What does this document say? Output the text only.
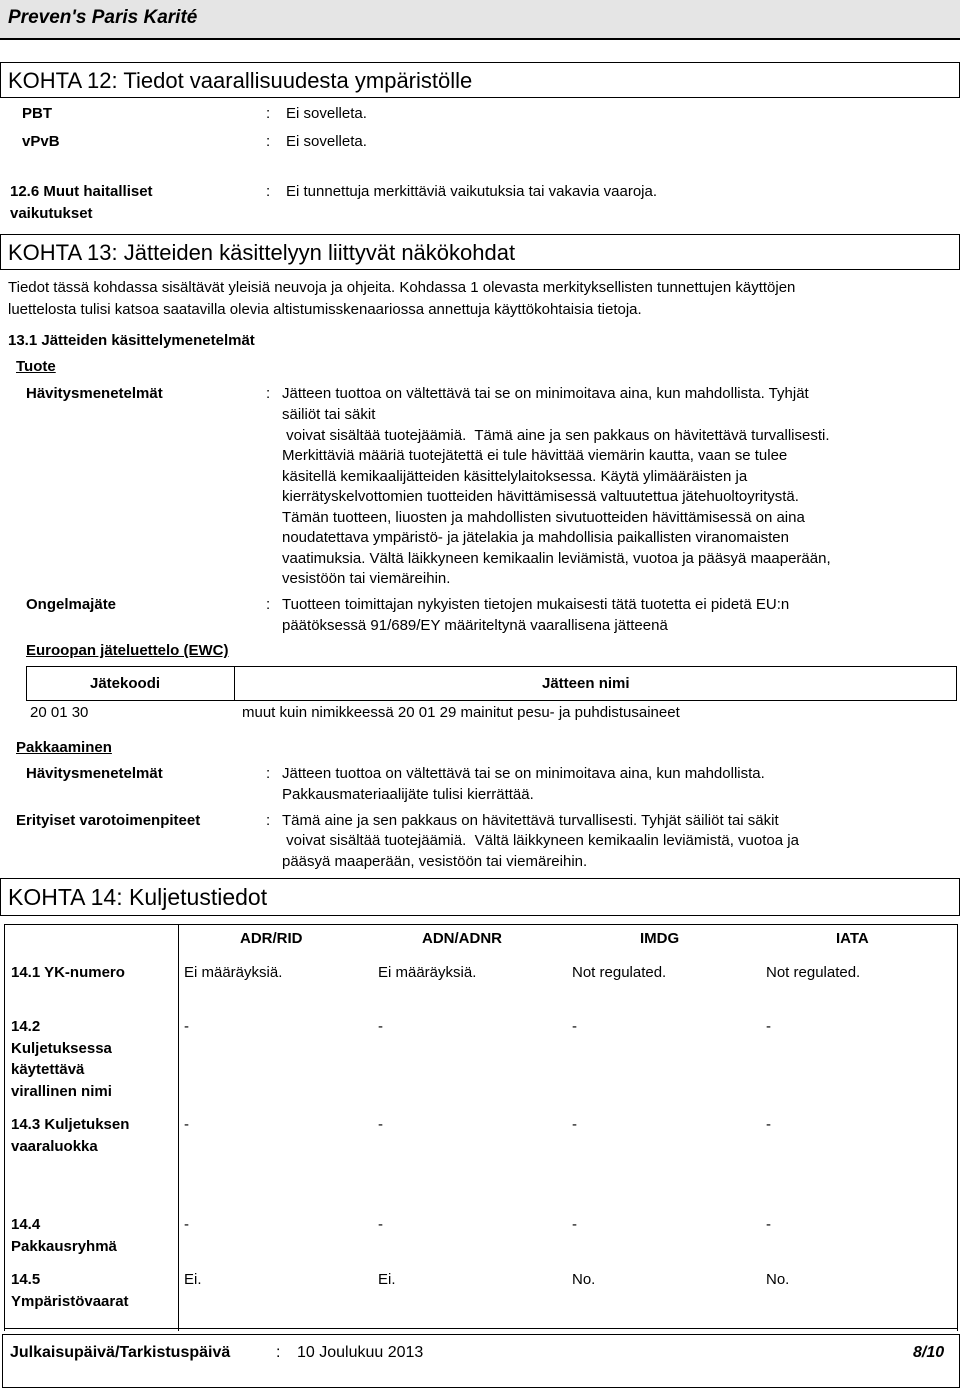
Preven's Paris Karité
KOHTA 12: Tiedot vaarallisuudesta ympäristölle
PBT	: Ei sovelleta.
vPvB	: Ei sovelleta.
12.6 Muut haitalliset
vaikutukset
: Ei tunnettuja merkittäviä vaikutuksia tai vakavia vaaroja.
KOHTA 13: Jätteiden käsittelyyn liittyvät näkökohdat
Tiedot tässä kohdassa sisältävät yleisiä neuvoja ja ohjeita. Kohdassa 1 olevasta merkityksellisten tunnettujen käyttöjen
luettelosta tulisi katsoa saatavilla olevia altistumisskenaariossa annettuja käyttökohtaisia tietoja.
13.1 Jätteiden käsittelymenetelmät
Tuote
Hävitysmenetelmät	: Jätteen tuottoa on vältettävä tai se on minimoitava aina, kun mahdollista. Tyhjät
säiliöt tai säkit
voivat sisältää tuotejäämiä.  Tämä aine ja sen pakkaus on hävitettävä turvallisesti.
Merkittäviä määriä tuotejätettä ei tule hävittää viemärin kautta, vaan se tulee
käsitellä kemikaalijätteiden käsittelylaitoksessa. Käytä ylimääräisten ja
kierrätyskelvottomien tuotteiden hävittämisessä valtuutettua jätehuoltoyritystä.
Tämän tuotteen, liuosten ja mahdollisten sivutuotteiden hävittämisessä on aina
noudatettava ympäristö- ja jätelakia ja mahdollisia paikallisten viranomaisten
vaatimuksia. Vältä läikkyneen kemikaalin leviämistä, vuotoa ja pääsyä maaperään,
vesistöön tai viemäreihin.
Ongelmajäte	: Tuotteen toimittajan nykyisten tietojen mukaisesti tätä tuotetta ei pidetä EU:n
päätöksessä 91/689/EY määriteltynä vaarallisena jätteenä
Euroopan jäteluettelo (EWC)
Jätekoodi	Jätteen nimi
20 01 30	muut kuin nimikkeessä 20 01 29 mainitut pesu- ja puhdistusaineet
Pakkaaminen
Hävitysmenetelmät	: Jätteen tuottoa on vältettävä tai se on minimoitava aina, kun mahdollista.
Pakkausmateriaalijäte tulisi kierrättää.
Erityiset varotoimenpiteet	: Tämä aine ja sen pakkaus on hävitettävä turvallisesti. Tyhjät säiliöt tai säkit
voivat sisältää tuotejäämiä.  Vältä läikkyneen kemikaalin leviämistä, vuotoa ja
pääsyä maaperään, vesistöön tai viemäreihin.
KOHTA 14: Kuljetustiedot
ADR/RID	ADN/ADNR	IMDG	IATA
14.1 YK-numero	Ei määräyksiä.	Ei määräyksiä.	Not regulated.	Not regulated.
14.2
Kuljetuksessa
käytettävä
virallinen nimi
-	-	-	-
14.3 Kuljetuksen
vaaraluokka
-	-	-	-
14.4
Pakkausryhmä
-	-	-	-
14.5
Ympäristövaarat
Ei.	Ei.	No.	No.
Julkaisupäivä/Tarkistuspäivä	: 10 Joulukuu 2013	8/10
